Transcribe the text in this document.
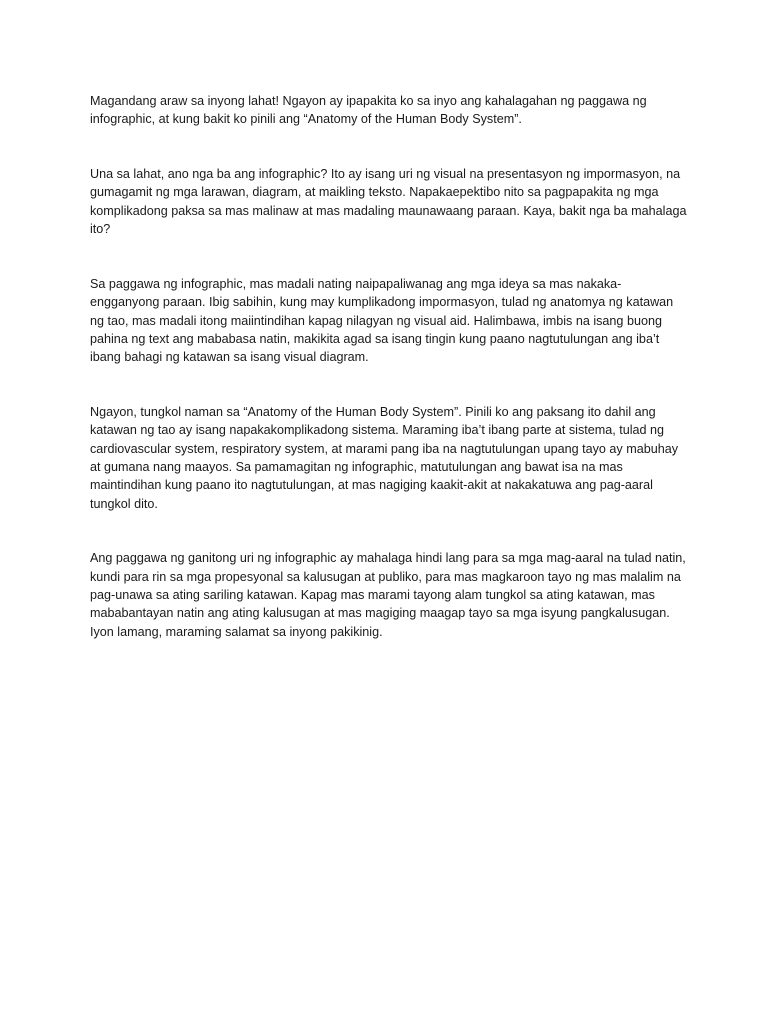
Magandang araw sa inyong lahat! Ngayon ay ipapakita ko sa inyo ang kahalagahan ng paggawa ng infographic, at kung bakit ko pinili ang “Anatomy of the Human Body System”.

Una sa lahat, ano nga ba ang infographic? Ito ay isang uri ng visual na presentasyon ng impormasyon, na gumagamit ng mga larawan, diagram, at maikling teksto. Napakaepektibo nito sa pagpapakita ng mga komplikadong paksa sa mas malinaw at mas madaling maunawaang paraan. Kaya, bakit nga ba mahalaga ito?

Sa paggawa ng infographic, mas madali nating naipapaliwanag ang mga ideya sa mas nakaka-engganyong paraan. Ibig sabihin, kung may kumplikadong impormasyon, tulad ng anatomya ng katawan ng tao, mas madali itong maiintindihan kapag nilagyan ng visual aid. Halimbawa, imbis na isang buong pahina ng text ang mababasa natin, makikita agad sa isang tingin kung paano nagtutulungan ang iba’t ibang bahagi ng katawan sa isang visual diagram.

Ngayon, tungkol naman sa “Anatomy of the Human Body System”. Pinili ko ang paksang ito dahil ang katawan ng tao ay isang napakakomplikadong sistema. Maraming iba’t ibang parte at sistema, tulad ng cardiovascular system, respiratory system, at marami pang iba na nagtutulungan upang tayo ay mabuhay at gumana nang maayos. Sa pamamagitan ng infographic, matutulungan ang bawat isa na mas maintindihan kung paano ito nagtutulungan, at mas nagiging kaakit-akit at nakakatuwa ang pag-aaral tungkol dito.

Ang paggawa ng ganitong uri ng infographic ay mahalaga hindi lang para sa mga mag-aaral na tulad natin, kundi para rin sa mga propesyonal sa kalusugan at publiko, para mas magkaroon tayo ng mas malalim na pag-unawa sa ating sariling katawan. Kapag mas marami tayong alam tungkol sa ating katawan, mas mababantayan natin ang ating kalusugan at mas magiging maagap tayo sa mga isyung pangkalusugan. Iyon lamang, maraming salamat sa inyong pakikinig.
